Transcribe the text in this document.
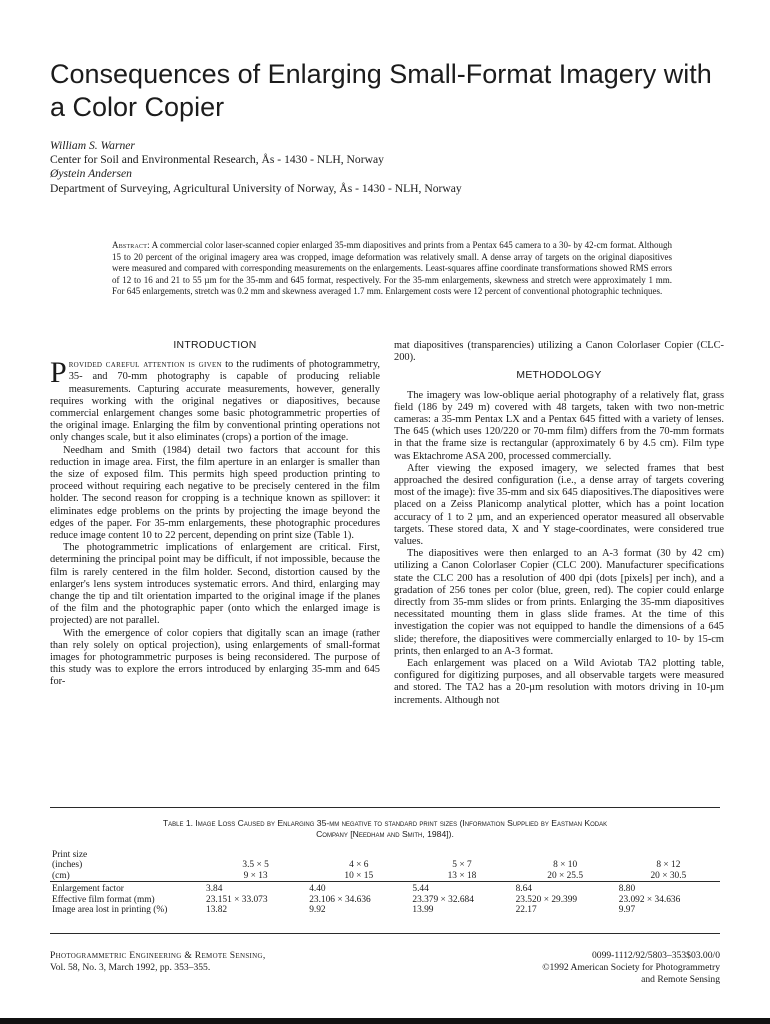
Consequences of Enlarging Small-Format Imagery with a Color Copier
William S. Warner
Center for Soil and Environmental Research, Ås - 1430 - NLH, Norway
Øystein Andersen
Department of Surveying, Agricultural University of Norway, Ås - 1430 - NLH, Norway
Abstract: A commercial color laser-scanned copier enlarged 35-mm diapositives and prints from a Pentax 645 camera to a 30- by 42-cm format. Although 15 to 20 percent of the original imagery area was cropped, image deformation was relatively small. A dense array of targets on the original diapositives were measured and compared with corresponding measurements on the enlargements. Least-squares affine coordinate transformations showed RMS errors of 12 to 16 and 21 to 55 µm for the 35-mm and 645 format, respectively. For the 35-mm enlargements, skewness and stretch were approximately 1 mm. For 645 enlargements, stretch was 0.2 mm and skewness averaged 1.7 mm. Enlargement costs were 12 percent of conventional photographic techniques.
INTRODUCTION

Provided careful attention is given to the rudiments of photogrammetry, 35- and 70-mm photography is capable of producing reliable measurements. Capturing accurate measurements, however, generally requires working with the original negatives or diapositives, because commercial enlargement changes some basic photogrammetric properties of the original image. Enlarging the film by conventional printing operations not only changes scale, but it also eliminates (crops) a portion of the image.

Needham and Smith (1984) detail two factors that account for this reduction in image area. First, the film aperture in an enlarger is smaller than the size of exposed film. This permits high speed production printing to proceed without requiring each negative to be precisely centered in the film holder. The second reason for cropping is a technique known as spillover: it eliminates edge problems on the prints by projecting the image beyond the edges of the paper. For 35-mm enlargements, these photographic procedures reduce image content 10 to 22 percent, depending on print size (Table 1).

The photogrammetric implications of enlargement are critical. First, determining the principal point may be difficult, if not impossible, because the film is rarely centered in the film holder. Second, distortion caused by the enlarger's lens system introduces systematic errors. And third, enlarging may change the tip and tilt orientation imparted to the original image if the planes of the film and the photographic paper (onto which the enlarged image is projected) are not parallel.

With the emergence of color copiers that digitally scan an image (rather than rely solely on optical projection), using enlargements of small-format images for photogrammetric purposes is being reconsidered. The purpose of this study was to explore the errors introduced by enlarging 35-mm and 645 for-

mat diapositives (transparencies) utilizing a Canon Colorlaser Copier (CLC-200).

METHODOLOGY

The imagery was low-oblique aerial photography of a relatively flat, grass field (186 by 249 m) covered with 48 targets, taken with two non-metric cameras: a 35-mm Pentax LX and a Pentax 645 fitted with a variety of lenses. The 645 (which uses 120/220 or 70-mm film) differs from the 70-mm formats in that the frame size is rectangular (approximately 6 by 4.5 cm). Film type was Ektachrome ASA 200, processed commercially.

After viewing the exposed imagery, we selected frames that best approached the desired configuration (i.e., a dense array of targets covering most of the image): five 35-mm and six 645 diapositives.The diapositives were placed on a Zeiss Planicomp analytical plotter, which has a point location accuracy of 1 to 2 µm, and an experienced operator measured all observable targets. These stored data, X and Y stage-coordinates, were considered true values.

The diapositives were then enlarged to an A-3 format (30 by 42 cm) utilizing a Canon Colorlaser Copier (CLC 200). Manufacturer specifications state the CLC 200 has a resolution of 400 dpi (dots [pixels] per inch), and a gradation of 256 tones per color (blue, green, red). The copier could enlarge directly from 35-mm slides or from prints. Enlarging the 35-mm diapositives necessitated mounting them in glass slide frames. At the time of this investigation the copier was not equipped to handle the dimensions of a 645 slide; therefore, the diapositives were commercially enlarged to 10- by 15-cm prints, then enlarged to an A-3 format.

Each enlargement was placed on a Wild Aviotab TA2 plotting table, configured for digitizing purposes, and all observable targets were measured and stored. The TA2 has a 20-µm resolution with motors driving in 10-µm increments. Although not

Table 1. Image Loss Caused by Enlarging 35-mm negative to standard print sizes (Information Supplied by Eastman Kodak
Company [Needham and Smith, 1984]).
Print size					
(inches)	3.5 × 5	4 × 6	5 × 7	8 × 10	8 × 12
(cm)	9 × 13	10 × 15	13 × 18	20 × 25.5	20 × 30.5

Enlargement factor	3.84	4.40	5.44	8.64	8.80
Effective film format (mm)	23.151 × 33.073	23.106 × 34.636	23.379 × 32.684	23.520 × 29.399	23.092 × 34.636
Image area lost in printing (%)	13.82	9.92	13.99	22.17	9.97
Photogrammetric Engineering & Remote Sensing,
Vol. 58, No. 3, March 1992, pp. 353–355.
0099-1112/92/5803–353$03.00/0
©1992 American Society for Photogrammetry
and Remote Sensing
